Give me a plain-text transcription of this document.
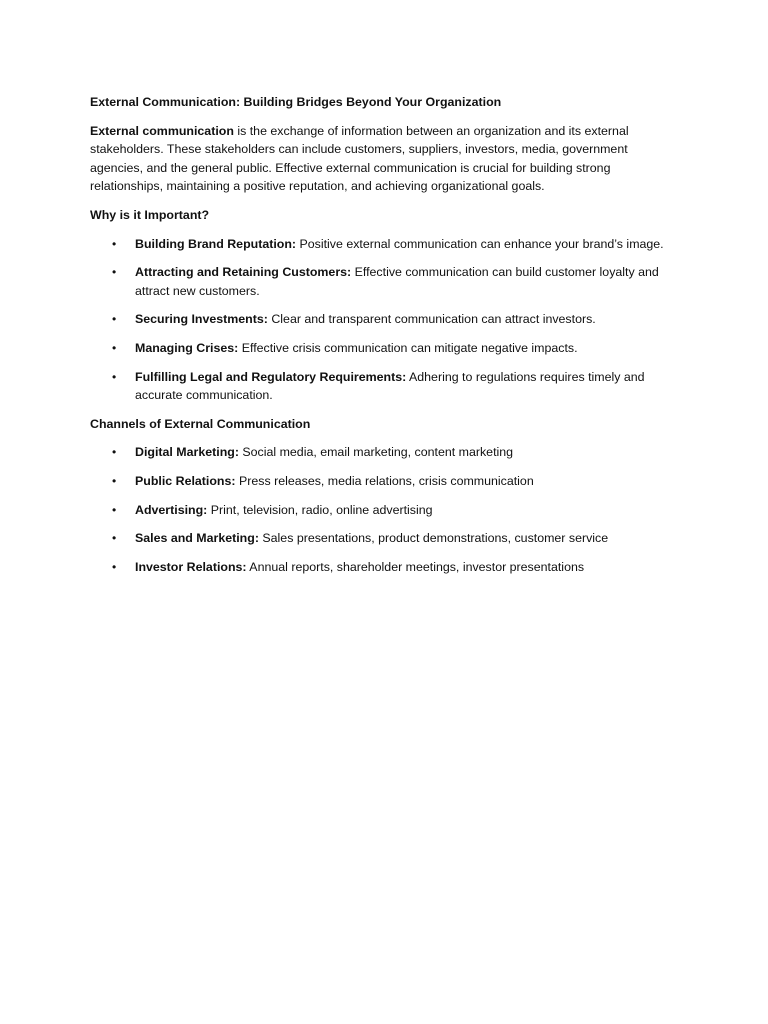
External Communication: Building Bridges Beyond Your Organization

External communication is the exchange of information between an organization and its external stakeholders. These stakeholders can include customers, suppliers, investors, media, government agencies, and the general public. Effective external communication is crucial for building strong relationships, maintaining a positive reputation, and achieving organizational goals.

Why is it Important?

• Building Brand Reputation: Positive external communication can enhance your brand’s image.
• Attracting and Retaining Customers: Effective communication can build customer loyalty and attract new customers.
• Securing Investments: Clear and transparent communication can attract investors.
• Managing Crises: Effective crisis communication can mitigate negative impacts.
• Fulfilling Legal and Regulatory Requirements: Adhering to regulations requires timely and accurate communication.

Channels of External Communication

• Digital Marketing: Social media, email marketing, content marketing
• Public Relations: Press releases, media relations, crisis communication
• Advertising: Print, television, radio, online advertising
• Sales and Marketing: Sales presentations, product demonstrations, customer service
• Investor Relations: Annual reports, shareholder meetings, investor presentations
